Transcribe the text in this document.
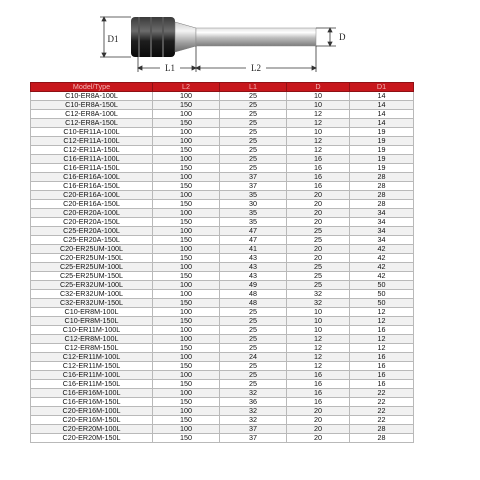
D1	D
L1	L2
Model/Type	L2	L1	D	D1
C10-ER8A-100L	100	25	10	14
C10-ER8A-150L	150	25	10	14
C12-ER8A-100L	100	25	12	14
C12-ER8A-150L	150	25	12	14
C10-ER11A-100L	100	25	10	19
C12-ER11A-100L	100	25	12	19
C12-ER11A-150L	150	25	12	19
C16-ER11A-100L	100	25	16	19
C16-ER11A-150L	150	25	16	19
C16-ER16A-100L	100	37	16	28
C16-ER16A-150L	150	37	16	28
C20-ER16A-100L	100	35	20	28
C20-ER16A-150L	150	30	20	28
C20-ER20A-100L	100	35	20	34
C20-ER20A-150L	150	35	20	34
C25-ER20A-100L	100	47	25	34
C25-ER20A-150L	150	47	25	34
C20-ER25UM-100L	100	41	20	42
C20-ER25UM-150L	150	43	20	42
C25-ER25UM-100L	100	43	25	42
C25-ER25UM-150L	150	43	25	42
C25-ER32UM-100L	100	49	25	50
C32-ER32UM-100L	100	48	32	50
C32-ER32UM-150L	150	48	32	50
C10-ER8M-100L	100	25	10	12
C10-ER8M-150L	150	25	10	12
C10-ER11M-100L	100	25	10	16
C12-ER8M-100L	100	25	12	12
C12-ER8M-150L	150	25	12	12
C12-ER11M-100L	100	24	12	16
C12-ER11M-150L	150	25	12	16
C16-ER11M-100L	100	25	16	16
C16-ER11M-150L	150	25	16	16
C16-ER16M-100L	100	32	16	22
C16-ER16M-150L	150	36	16	22
C20-ER16M-100L	100	32	20	22
C20-ER16M-150L	150	32	20	22
C20-ER20M-100L	100	37	20	28
C20-ER20M-150L	150	37	20	28
